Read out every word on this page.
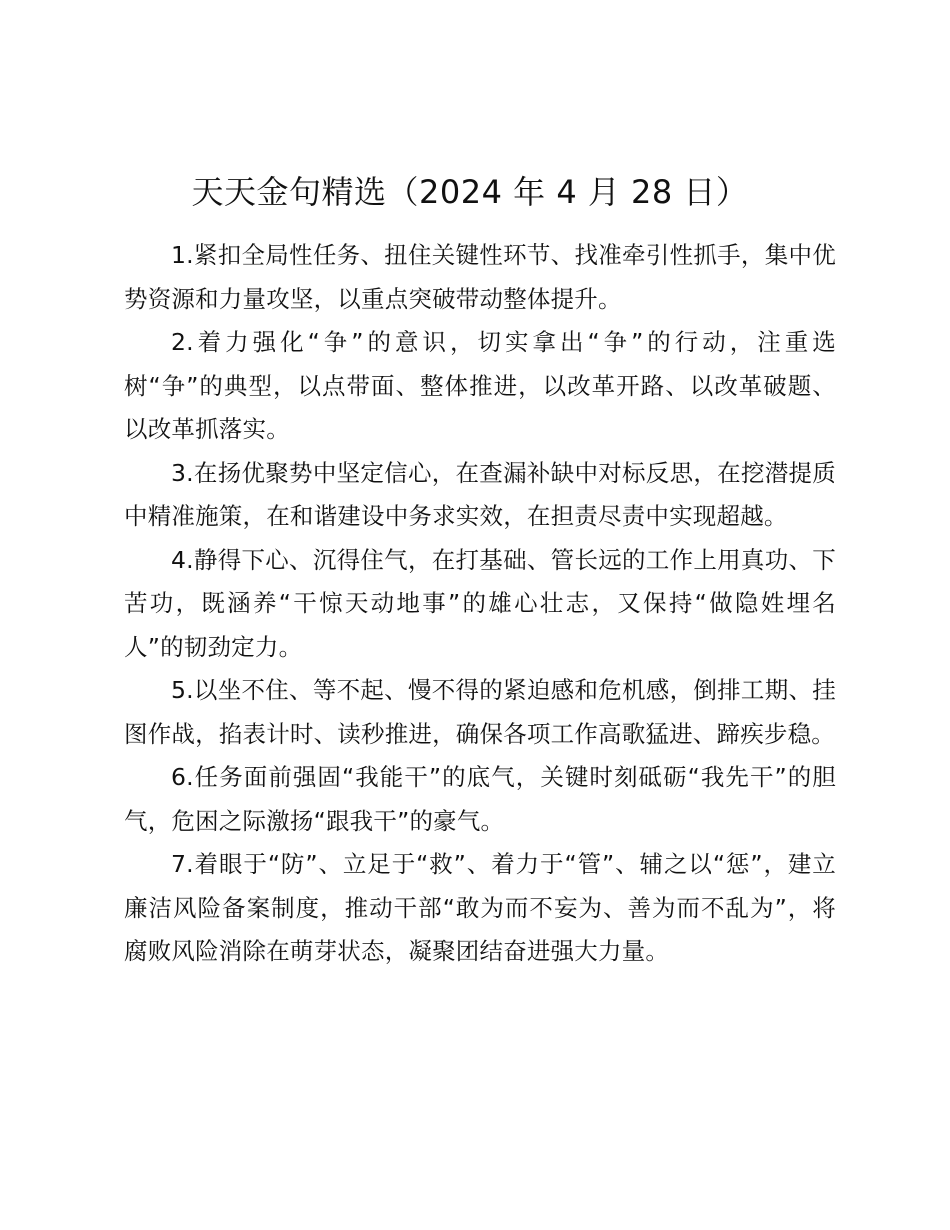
天天金句精选（2024 年 4 月 28 日）

1.紧扣全局性任务、扭住关键性环节、找准牵引性抓手，集中优势资源和力量攻坚，以重点突破带动整体提升。

2.着力强化“争”的意识，切实拿出“争”的行动，注重选树“争”的典型，以点带面、整体推进，以改革开路、以改革破题、以改革抓落实。

3.在扬优聚势中坚定信心，在查漏补缺中对标反思，在挖潜提质中精准施策，在和谐建设中务求实效，在担责尽责中实现超越。

4.静得下心、沉得住气，在打基础、管长远的工作上用真功、下苦功，既涵养“干惊天动地事”的雄心壮志，又保持“做隐姓埋名人”的韧劲定力。

5.以坐不住、等不起、慢不得的紧迫感和危机感，倒排工期、挂图作战，掐表计时、读秒推进，确保各项工作高歌猛进、蹄疾步稳。

6.任务面前强固“我能干”的底气，关键时刻砥砺“我先干”的胆气，危困之际激扬“跟我干”的豪气。

7.着眼于“防”、立足于“救”、着力于“管”、辅之以“惩”，建立廉洁风险备案制度，推动干部“敢为而不妄为、善为而不乱为”，将腐败风险消除在萌芽状态，凝聚团结奋进强大力量。
